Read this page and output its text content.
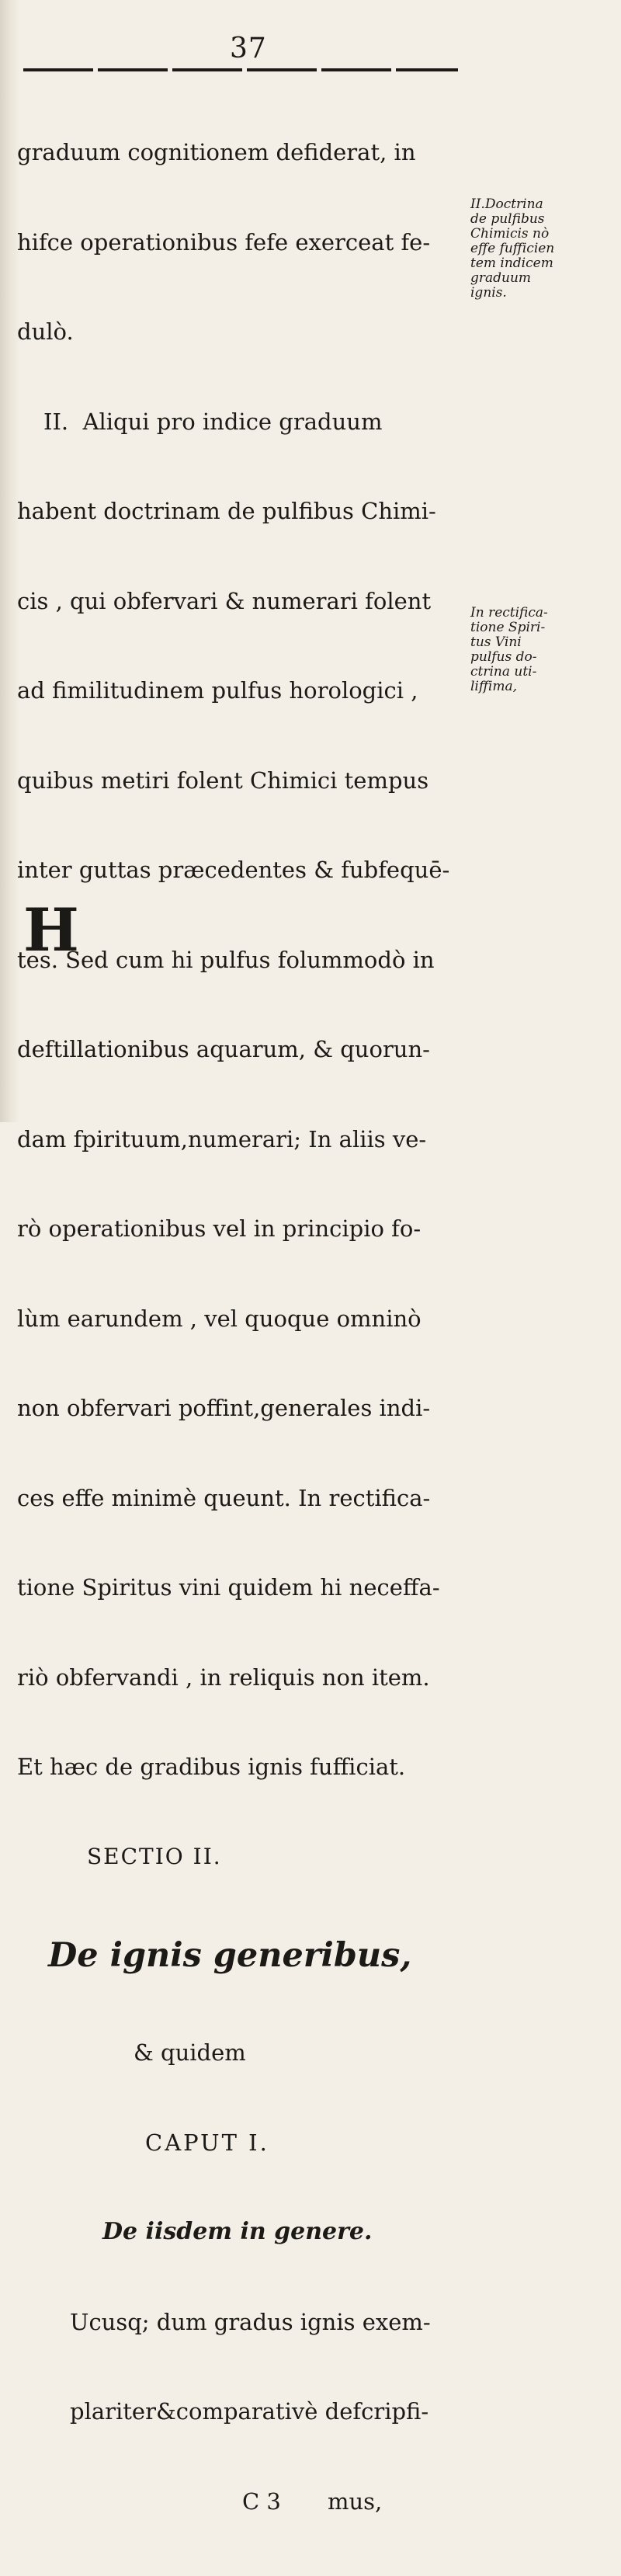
37

graduum cognitionem defiderat, in

hifce operationibus fefe exerceat fe-

dulò.

II.  Aliqui pro indice graduum

habent doctrinam de pulfibus Chimi-

cis , qui obfervari & numerari folent

ad fimilitudinem pulfus horologici ,

quibus metiri folent Chimici tempus

inter guttas præcedentes & fubfequē-

tes. Sed cum hi pulfus folummodò in

deftillationibus aquarum, & quorun-

dam fpirituum,numerari; In aliis ve-

rò operationibus vel in principio fo-

lùm earundem , vel quoque omninò

non obfervari poffint,generales indi-

ces effe minimè queunt. In rectifica-

tione Spiritus vini quidem hi neceffa-

riò obfervandi , in reliquis non item.

Et hæc de gradibus ignis fufficiat.

SECTIO II.

De ignis generibus,

& quidem

CAPUT I.

De iisdem in genere.

Ucusq; dum gradus ignis exem-

plariter&comparativè defcripfi-

C 3 mus,

H
II.Doctrina
de pulfibus
Chimicis nò
effe fufficien
tem indicem
graduum
ignis.
In rectifica-
tione Spiri-
tus Vini
pulfus do-
ctrina uti-
liffima,
